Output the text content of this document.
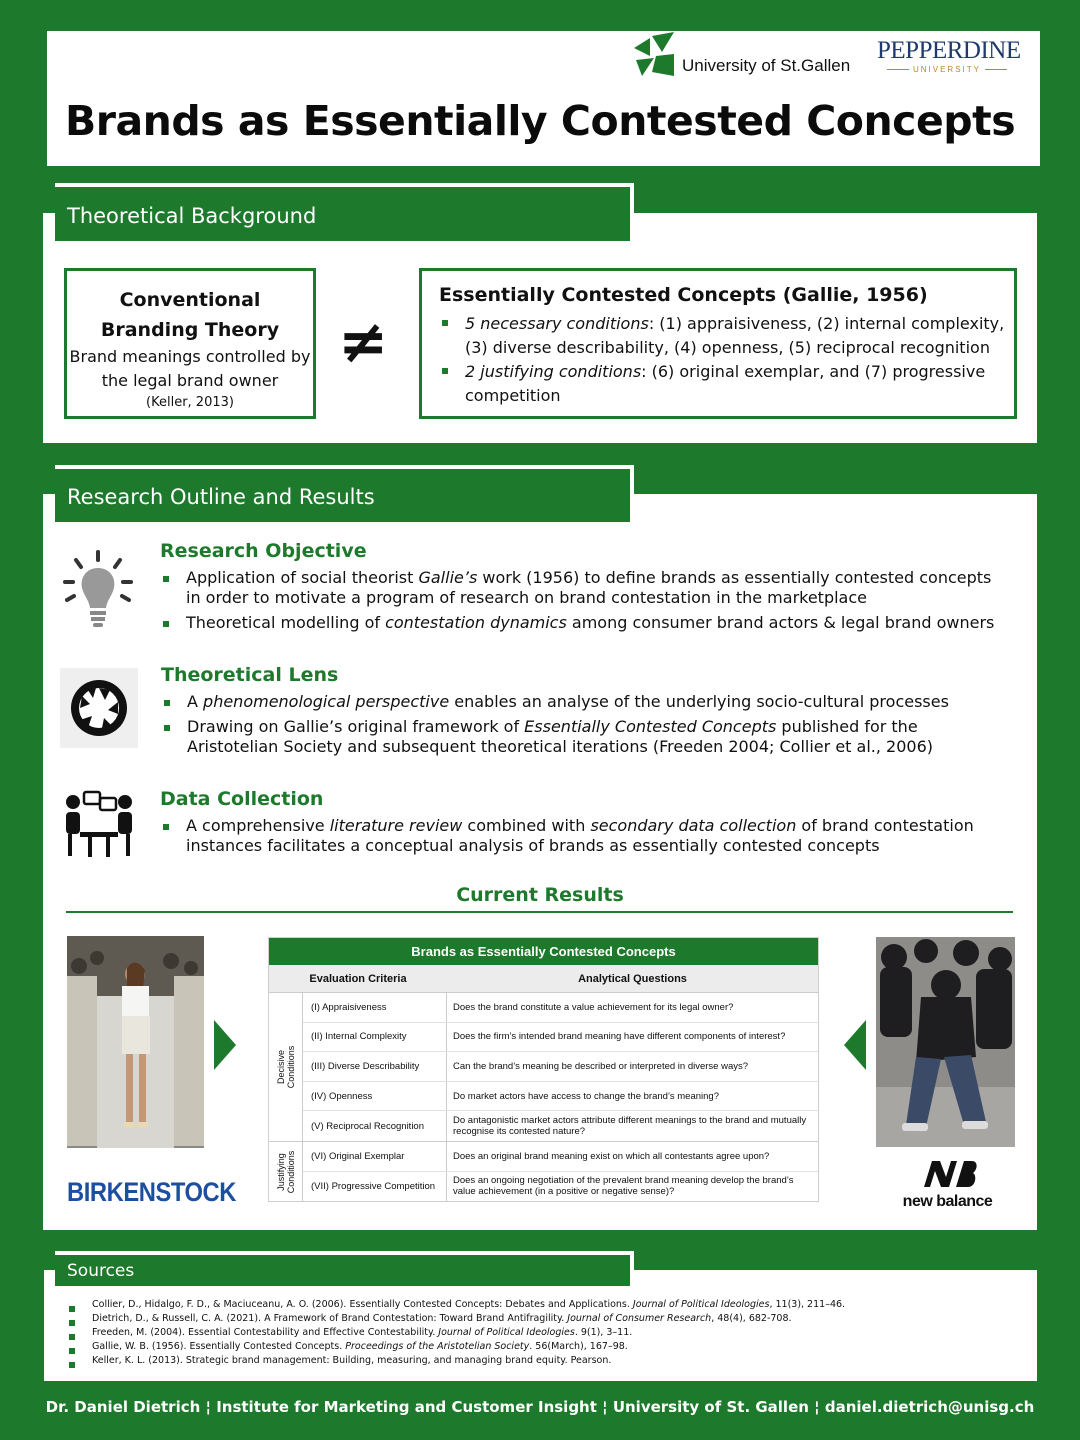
University of St.Gallen
PEPPERDINE
UNIVERSITY
Brands as Essentially Contested Concepts
Theoretical Background
Conventional
Branding Theory
Brand meanings controlled by the legal brand owner
(Keller, 2013)
≠
Essentially Contested Concepts (Gallie, 1956)
5 necessary conditions: (1) appraisiveness, (2) internal complexity, (3) diverse describability, (4) openness, (5) reciprocal recognition
2 justifying conditions: (6) original exemplar, and (7) progressive competition
Research Outline and Results
Research Objective
Application of social theorist Gallie’s work (1956) to define brands as essentially contested concepts in order to motivate a program of research on brand contestation in the marketplace
Theoretical modelling of contestation dynamics among consumer brand actors & legal brand owners
Theoretical Lens
A phenomenological perspective enables an analyse of the underlying socio-cultural processes
Drawing on Gallie’s original framework of Essentially Contested Concepts published for the Aristotelian Society and subsequent theoretical iterations (Freeden 2004; Collier et al., 2006)
Data Collection
A comprehensive literature review combined with secondary data collection of brand contestation instances facilitates a conceptual analysis of brands as essentially contested concepts
Current Results
BIRKENSTOCK
Brands as Essentially Contested Concepts
Evaluation Criteria	Analytical Questions
Decisive Conditions
(I) Appraisiveness	Does the brand constitute a value achievement for its legal owner?
(II) Internal Complexity	Does the firm’s intended brand meaning have different components of interest?
(III) Diverse Describability	Can the brand’s meaning be described or interpreted in diverse ways?
(IV) Openness	Do market actors have access to change the brand’s meaning?
(V) Reciprocal Recognition	Do antagonistic market actors attribute different meanings to the brand and mutually recognise its contested nature?
Justifying Conditions	(VI) Original Exemplar	Does an original brand meaning exist on which all contestants agree upon?
(VII) Progressive Competition	Does an ongoing negotiation of the prevalent brand meaning develop the brand’s value achievement (in a positive or negative sense)?
new balance
Sources
Collier, D., Hidalgo, F. D., & Maciuceanu, A. O. (2006). Essentially Contested Concepts: Debates and Applications. Journal of Political Ideologies, 11(3), 211–46.
Dietrich, D., & Russell, C. A. (2021). A Framework of Brand Contestation: Toward Brand Antifragility. Journal of Consumer Research, 48(4), 682-708.
Freeden, M. (2004). Essential Contestability and Effective Contestability. Journal of Political Ideologies. 9(1), 3–11.
Gallie, W. B. (1956). Essentially Contested Concepts. Proceedings of the Aristotelian Society. 56(March), 167–98.
Keller, K. L. (2013). Strategic brand management: Building, measuring, and managing brand equity. Pearson.
Dr. Daniel Dietrich ¦ Institute for Marketing and Customer Insight ¦ University of St. Gallen ¦ daniel.dietrich@unisg.ch
